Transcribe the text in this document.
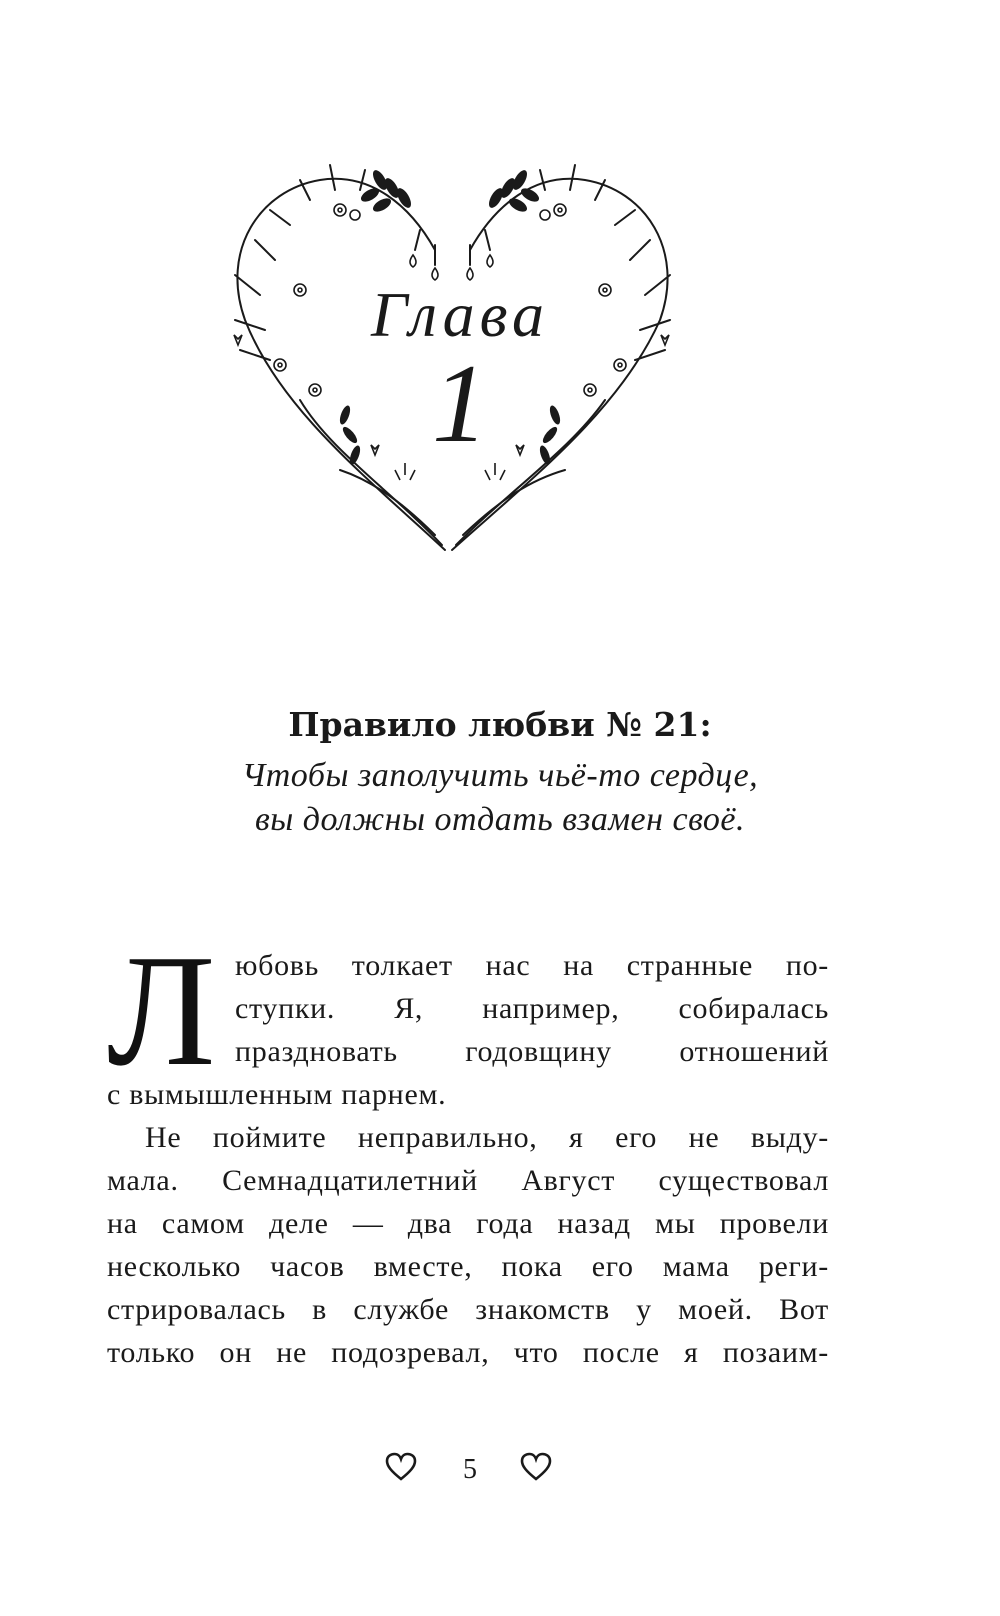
Глава
1
Правило любви № 21:
Чтобы заполучить чьё-то сердце,
вы должны отдать взамен своё.
Л юбовь толкает нас на странные по-
ступки. Я, например, собиралась
праздновать годовщину отношений
с вымышленным парнем.
Не поймите неправильно, я его не выду-
мала. Семнадцатилетний Август существовал
на самом деле — два года назад мы провели
несколько часов вместе, пока его мама реги-
стрировалась в службе знакомств у моей. Вот
только он не подозревал, что после я позаим-
5
